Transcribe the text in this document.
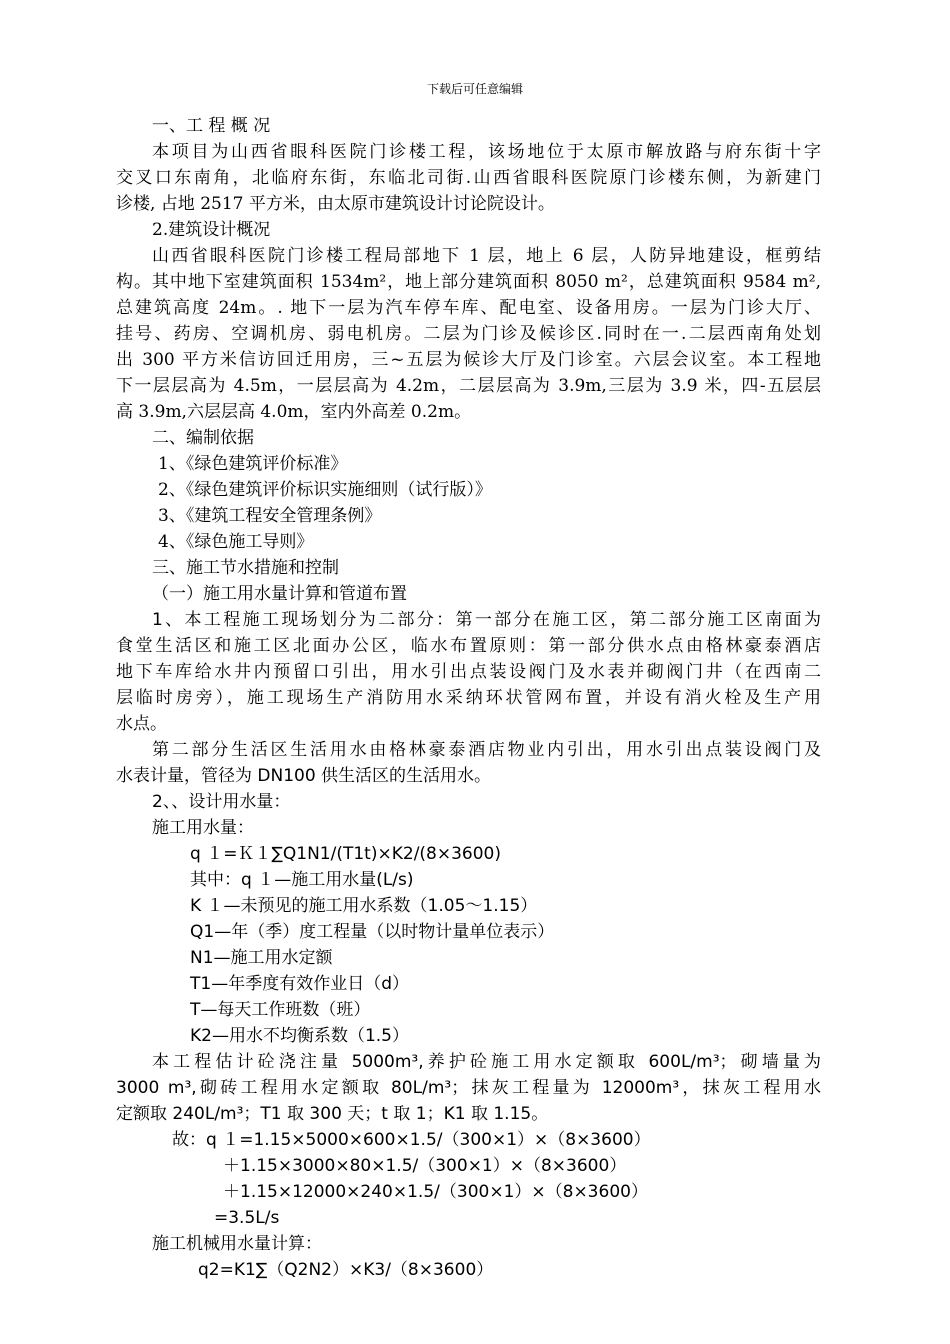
下载后可任意编辑
一、工 程 概 况
本项目为山西省眼科医院门诊楼工程，该场地位于太原市解放路与府东街十字
交叉口东南角，北临府东街，东临北司街.山西省眼科医院原门诊楼东侧，为新建门
诊楼, 占地 2517 平方米，由太原市建筑设计讨论院设计。
2.建筑设计概况
山西省眼科医院门诊楼工程局部地下 1 层，地上 6 层，人防异地建设，框剪结
构。其中地下室建筑面积 1534m²，地上部分建筑面积 8050 m²，总建筑面积 9584 m²,
总建筑高度 24m。. 地下一层为汽车停车库、配电室、设备用房。一层为门诊大厅、
挂号、药房、空调机房、弱电机房。二层为门诊及候诊区.同时在一.二层西南角处划
出 300 平方米信访回迁用房，三~五层为候诊大厅及门诊室。六层会议室。本工程地
下一层层高为 4.5m，一层层高为 4.2m，二层层高为 3.9m,三层为 3.9 米，四-五层层
高 3.9m,六层层高 4.0m，室内外高差 0.2m。
二、编制依据
1、《绿色建筑评价标准》
2、《绿色建筑评价标识实施细则（试行版）》
3、《建筑工程安全管理条例》
4、《绿色施工导则》
三、施工节水措施和控制
（一）施工用水量计算和管道布置
1、本工程施工现场划分为二部分：第一部分在施工区，第二部分施工区南面为
食堂生活区和施工区北面办公区，临水布置原则：第一部分供水点由格林豪泰酒店
地下车库给水井内预留口引出，用水引出点装设阀门及水表并砌阀门井（在西南二
层临时房旁），施工现场生产消防用水采纳环状管网布置，并设有消火栓及生产用
水点。
第二部分生活区生活用水由格林豪泰酒店物业内引出，用水引出点装设阀门及
水表计量，管径为 DN100 供生活区的生活用水。
2、、设计用水量：
施工用水量：
q １=Ｋ１∑Q1N1/(T1t)×K2/(8×3600)
其中：q １—施工用水量(L/s)
K １—未预见的施工用水系数（1.05～1.15）
Q1—年（季）度工程量（以时物计量单位表示）
N1—施工用水定额
T1—年季度有效作业日（d）
T—每天工作班数（班）
K2—用水不均衡系数（1.5）
本工程估计砼浇注量 5000m³,养护砼施工用水定额取 600L/m³；砌墙量为
3000 m³,砌砖工程用水定额取 80L/m³；抹灰工程量为 12000m³，抹灰工程用水
定额取 240L/m³；T1 取 300 天；t 取 1；K1 取 1.15。
故：q １=1.15×5000×600×1.5/（300×1）×（8×3600）
＋1.15×3000×80×1.5/（300×1）×（8×3600）
＋1.15×12000×240×1.5/（300×1）×（8×3600）
=3.5L/s
施工机械用水量计算：
q2=K1∑（Q2N2）×K3/（8×3600）
